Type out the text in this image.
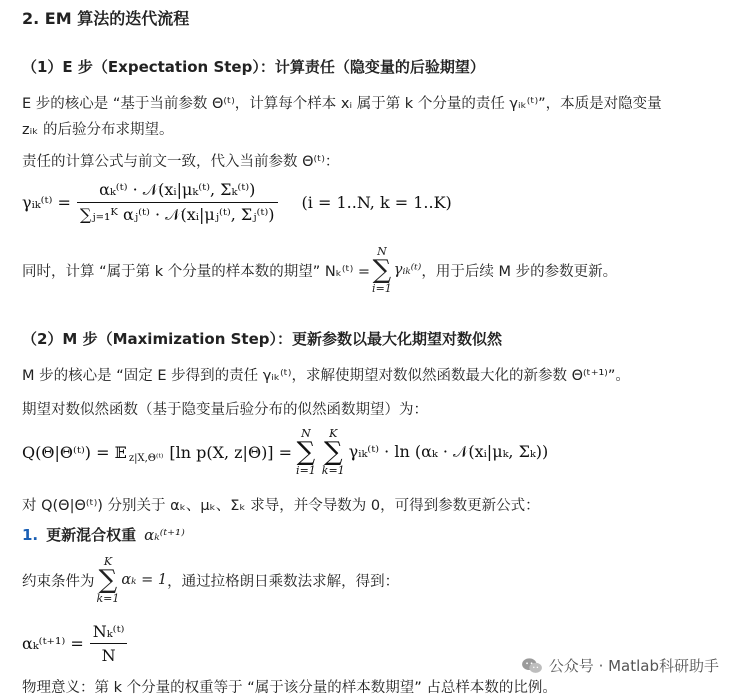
2. EM 算法的迭代流程
（1）E 步（Expectation Step）：计算责任（隐变量的后验期望）
E 步的核心是 “基于当前参数 Θ⁽ᵗ⁾，计算每个样本 xᵢ 属于第 k 个分量的责任 γᵢₖ⁽ᵗ⁾”，本质是对隐变量
zᵢₖ 的后验分布求期望。
责任的计算公式与前文一致，代入当前参数 Θ⁽ᵗ⁾：
γᵢₖ⁽ᵗ⁾ = $\frac{\text{αₖ⁽ᵗ⁾ · 𝒩(xᵢ|μₖ⁽ᵗ⁾, Σₖ⁽ᵗ⁾)}}{\text{∑ⱼ₌₁ᴷ αⱼ⁽ᵗ⁾ · 𝒩(xᵢ|μⱼ⁽ᵗ⁾, Σⱼ⁽ᵗ⁾)}} (i = 1..N$, k = 1..K)
同时，计算 “属于第 k 个分量的样本数的期望” Nₖ⁽ᵗ⁾ =
N
∑
i=1
γᵢₖ⁽ᵗ⁾ ，用于后续 M 步的参数更新。
（2）M 步（Maximization Step）：更新参数以最大化期望对数似然
M 步的核心是 “固定 E 步得到的责任 γᵢₖ⁽ᵗ⁾，求解使期望对数似然函数最大化的新参数 Θ⁽ᵗ⁺¹⁾”。
期望对数似然函数（基于隐变量后验分布的似然函数期望）为：
Q(Θ|Θ⁽ᵗ⁾) = 𝔼$_{z|X,\Theta^(ᵗ^)}$ [ln p(X, z|Θ)] =
N
∑
i=1
K
∑
k=1
γᵢₖ⁽ᵗ⁾ · ln (αₖ · 𝒩(xᵢ|μₖ, Σₖ))
对 Q(Θ|Θ⁽ᵗ⁾) 分别关于 αₖ、μₖ、Σₖ 求导，并令导数为 0，可得到参数更新公式：
1. 更新混合权重 αₖ⁽ᵗ⁺¹⁾
约束条件为
K
∑
k=1
αₖ = 1 ，通过拉格朗日乘数法求解，得到：
αₖ⁽ᵗ⁺¹⁾ = $\frac{\text{Nₖ⁽ᵗ⁾}}{N}$
物理意义：第 k 个分量的权重等于 “属于该分量的样本数期望” 占总样本数的比例。
公众号 · Matlab科研助手
